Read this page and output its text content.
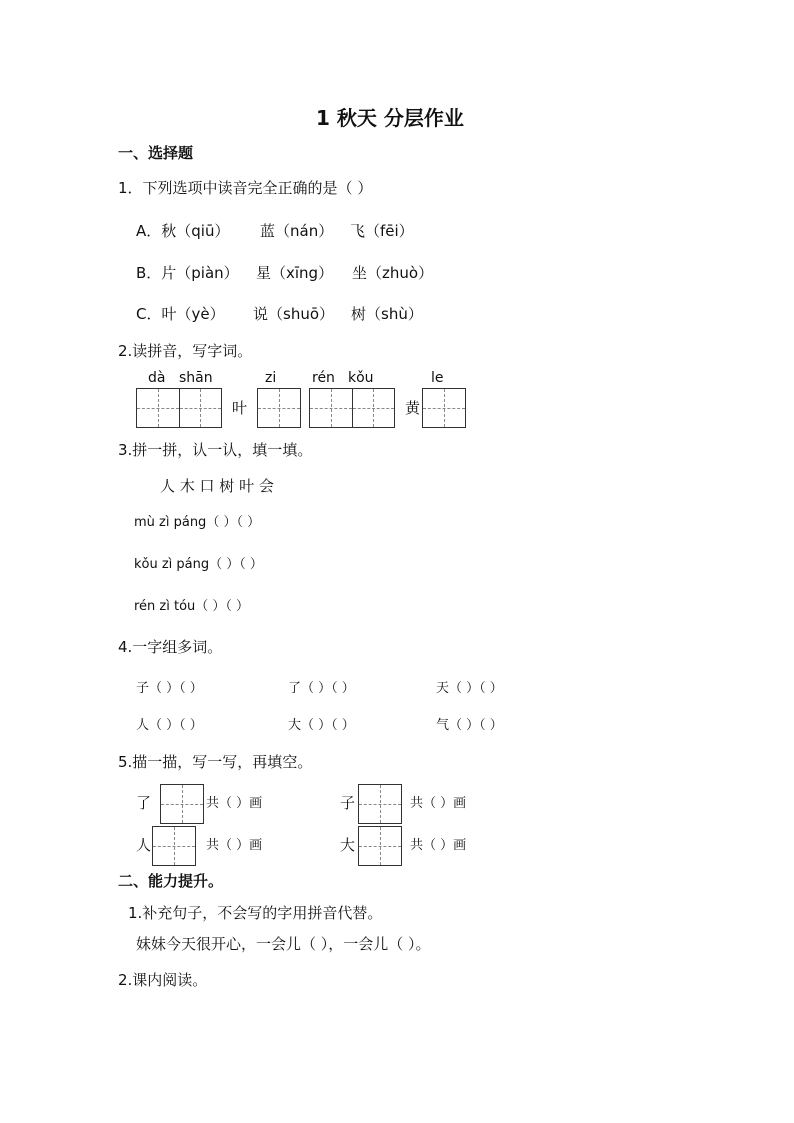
1 秋天 分层作业
一、选择题
1．下列选项中读音完全正确的是（ ）
A．秋（qiū） 蓝（nán） 飞（fēi）
B．片（piàn） 星（xīng） 坐（zhuò）
C．叶（yè） 说（shuō） 树（shù）
2.读拼音，写字词。
dà shān	zi	rén kǒu	le
叶	黄
3.拼一拼，认一认，填一填。
人 木 口 树 叶 会
mù zì páng（ ）（ ）
kǒu zì páng（ ）（ ）
rén zì tóu（ ）（ ）
4.一字组多词。
子（ ）（ ）	了（ ）（ ）	天（ ）（ ）
人（ ）（ ）	大（ ）（ ）	气（ ）（ ）
5.描一描，写一写，再填空。
了	共（ ）画	子	共（ ）画
人	共（ ）画	大	共（ ）画
二、能力提升。
1.补充句子，不会写的字用拼音代替。
妹妹今天很开心，一会儿（ ），一会儿（ ）。
2.课内阅读。
